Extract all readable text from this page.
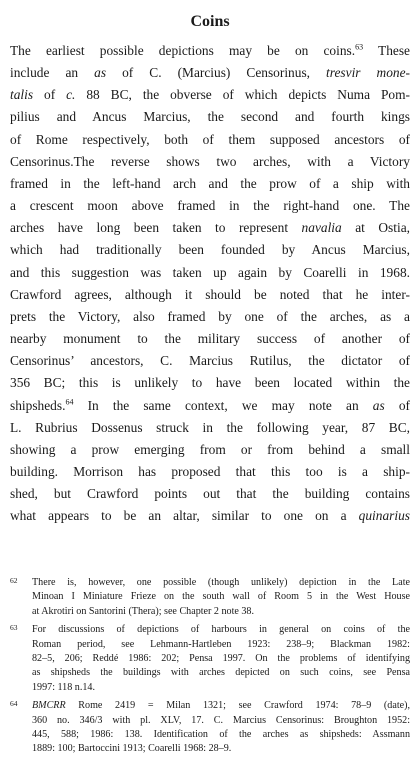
Coins
The earliest possible depictions may be on coins.$^{63}$ These
include an as of C. (Marcius) Censorinus, tresvir mone-
talis of c. 88 BC, the obverse of which depicts Numa Pom-
pilius and Ancus Marcius, the second and fourth kings
of Rome respectively, both of them supposed ancestors of
Censorinus.The reverse shows two arches, with a Victory
framed in the left-hand arch and the prow of a ship with
a crescent moon above framed in the right-hand one. The
arches have long been taken to represent navalia at Ostia,
which had traditionally been founded by Ancus Marcius,
and this suggestion was taken up again by Coarelli in 1968.
Crawford agrees, although it should be noted that he inter-
prets the Victory, also framed by one of the arches, as a
nearby monument to the military success of another of
Censorinus’ ancestors, C. Marcius Rutilus, the dictator of
356 BC; this is unlikely to have been located within the
shipsheds.$^{64}$ In the same context, we may note an as of
L. Rubrius Dossenus struck in the following year, 87 BC,
showing a prow emerging from or from behind a small
building. Morrison has proposed that this too is a ship-
shed, but Crawford points out that the building contains
what appears to be an altar, similar to one on a quinarius
62 There is, however, one possible (though unlikely) depiction in the Late
Minoan I Miniature Frieze on the south wall of Room 5 in the West House
at Akrotiri on Santorini (Thera); see Chapter 2 note 38.
63 For discussions of depictions of harbours in general on coins of the
Roman period, see Lehmann-Hartleben 1923: 238–9; Blackman 1982:
82–5, 206; Reddé 1986: 202; Pensa 1997. On the problems of identifying
as shipsheds the buildings with arches depicted on such coins, see Pensa
1997: 118 n.14.
64 BMCRR Rome 2419 = Milan 1321; see Crawford 1974: 78–9 (date),
360 no. 346/3 with pl. XLV, 17. C. Marcius Censorinus: Broughton 1952:
445, 588; 1986: 138. Identification of the arches as shipsheds: Assmann
1889: 100; Bartoccini 1913; Coarelli 1968: 28–9.
